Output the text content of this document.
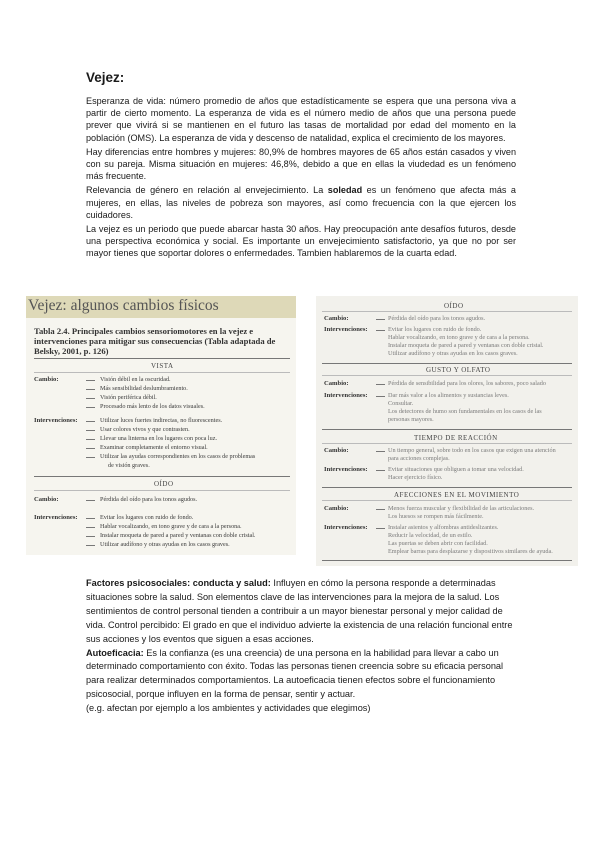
Vejez:

Esperanza de vida: número promedio de años que estadísticamente se espera que una persona viva a partir de cierto momento. La esperanza de vida es el número medio de años que una persona puede prever que vivirá si se mantienen en el futuro las tasas de mortalidad por edad del momento en la población (OMS). La esperanza de vida y descenso de natalidad, explica el crecimiento de los mayores.

Hay diferencias entre hombres y mujeres: 80,9% de hombres mayores de 65 años están casados y viven con su pareja. Misma situación en mujeres: 46,8%, debido a que en ellas la viudedad es un fenómeno más frecuente.

Relevancia de género en relación al envejecimiento. La soledad es un fenómeno que afecta más a mujeres, en ellas, las niveles de pobreza son mayores, así como frecuencia con la que ejercen los cuidadores.

La vejez es un periodo que puede abarcar hasta 30 años. Hay preocupación ante desafíos futuros, desde una perspectiva económica y social. Es importante un envejecimiento satisfactorio, ya que no por ser mayor tienes que soportar dolores o enfermedades. Tambien hablaremos de la cuarta edad.

Vejez: algunos cambios físicos
Tabla 2.4. Principales cambios sensoriomotores en la vejez e intervenciones para mitigar sus consecuencias (Tabla adaptada de Belsky, 2001, p. 126)
VISTA
Cambio:	Visión débil en la oscuridad.
Más sensibilidad deslumbramiento.
Visión periférica débil.
Procesado más lento de los datos visuales.
Intervenciones:	Utilizar luces fuertes indirectas, no fluorescentes.
Usar colores vivos y que contrasten.
Llevar una linterna en los lugares con poca luz.
Examinar completamente el entorno visual.
Utilizar las ayudas correspondientes en los casos de problemas
de visión graves.
OÍDO
Cambio:	Pérdida del oído para los tonos agudos.
Intervenciones:	Evitar los lugares con ruido de fondo.
Hablar vocalizando, en tono grave y de cara a la persona.
Instalar moqueta de pared a pared y ventanas con doble cristal.
Utilizar audífono y otras ayudas en los casos graves.
OÍDO
Cambio:	Pérdida del oído para los tonos agudos.
Intervenciones:	Evitar los lugares con ruido de fondo.
Hablar vocalizando, en tono grave y de cara a la persona.
Instalar moqueta de pared a pared y ventanas con doble cristal.
Utilizar audífono y otras ayudas en los casos graves.
GUSTO Y OLFATO
Cambio:	Pérdida de sensibilidad para los olores, los sabores, poco salado
Intervenciones:	Dar más valor a los alimentos y sustancias leves.
Consultar.
Los detectores de humo son fundamentales en los casos de las
personas mayores.
TIEMPO DE REACCIÓN
Cambio:	Un tiempo general, sobre todo en los casos que exigen una atención
para acciones complejas.
Intervenciones:	Evitar situaciones que obliguen a tomar una velocidad.
Hacer ejercicio físico.
AFECCIONES EN EL MOVIMIENTO
Cambio:	Menos fuerza muscular y flexibilidad de las articulaciones.
Los huesos se rompen más fácilmente.
Intervenciones:	Instalar asientos y alfombras antideslizantes.
Reducir la velocidad, de un estilo.
Las puertas se deben abrir con facilidad.
Emplear barras para desplazarse y dispositivos similares de ayuda.

Factores psicosociales: conducta y salud: Influyen en cómo la persona responde a determinadas situaciones sobre la salud. Son elementos clave de las intervenciones para la mejora de la salud. Los sentimientos de control personal tienden a contribuir a un mayor bienestar personal y mejor calidad de vida. Control percibido: El grado en que el individuo advierte la existencia de una relación funcional entre sus acciones y los eventos que siguen a esas acciones.

Autoeficacia: Es la confianza (es una creencia) de una persona en la habilidad para llevar a cabo un determinado comportamiento con éxito. Todas las personas tienen creencia sobre su eficacia personal para realizar determinados comportamientos. La autoeficacia tienen efectos sobre el funcionamiento psicosocial, porque influyen en la forma de pensar, sentir y actuar.

(e.g. afectan por ejemplo a los ambientes y actividades que elegimos)
